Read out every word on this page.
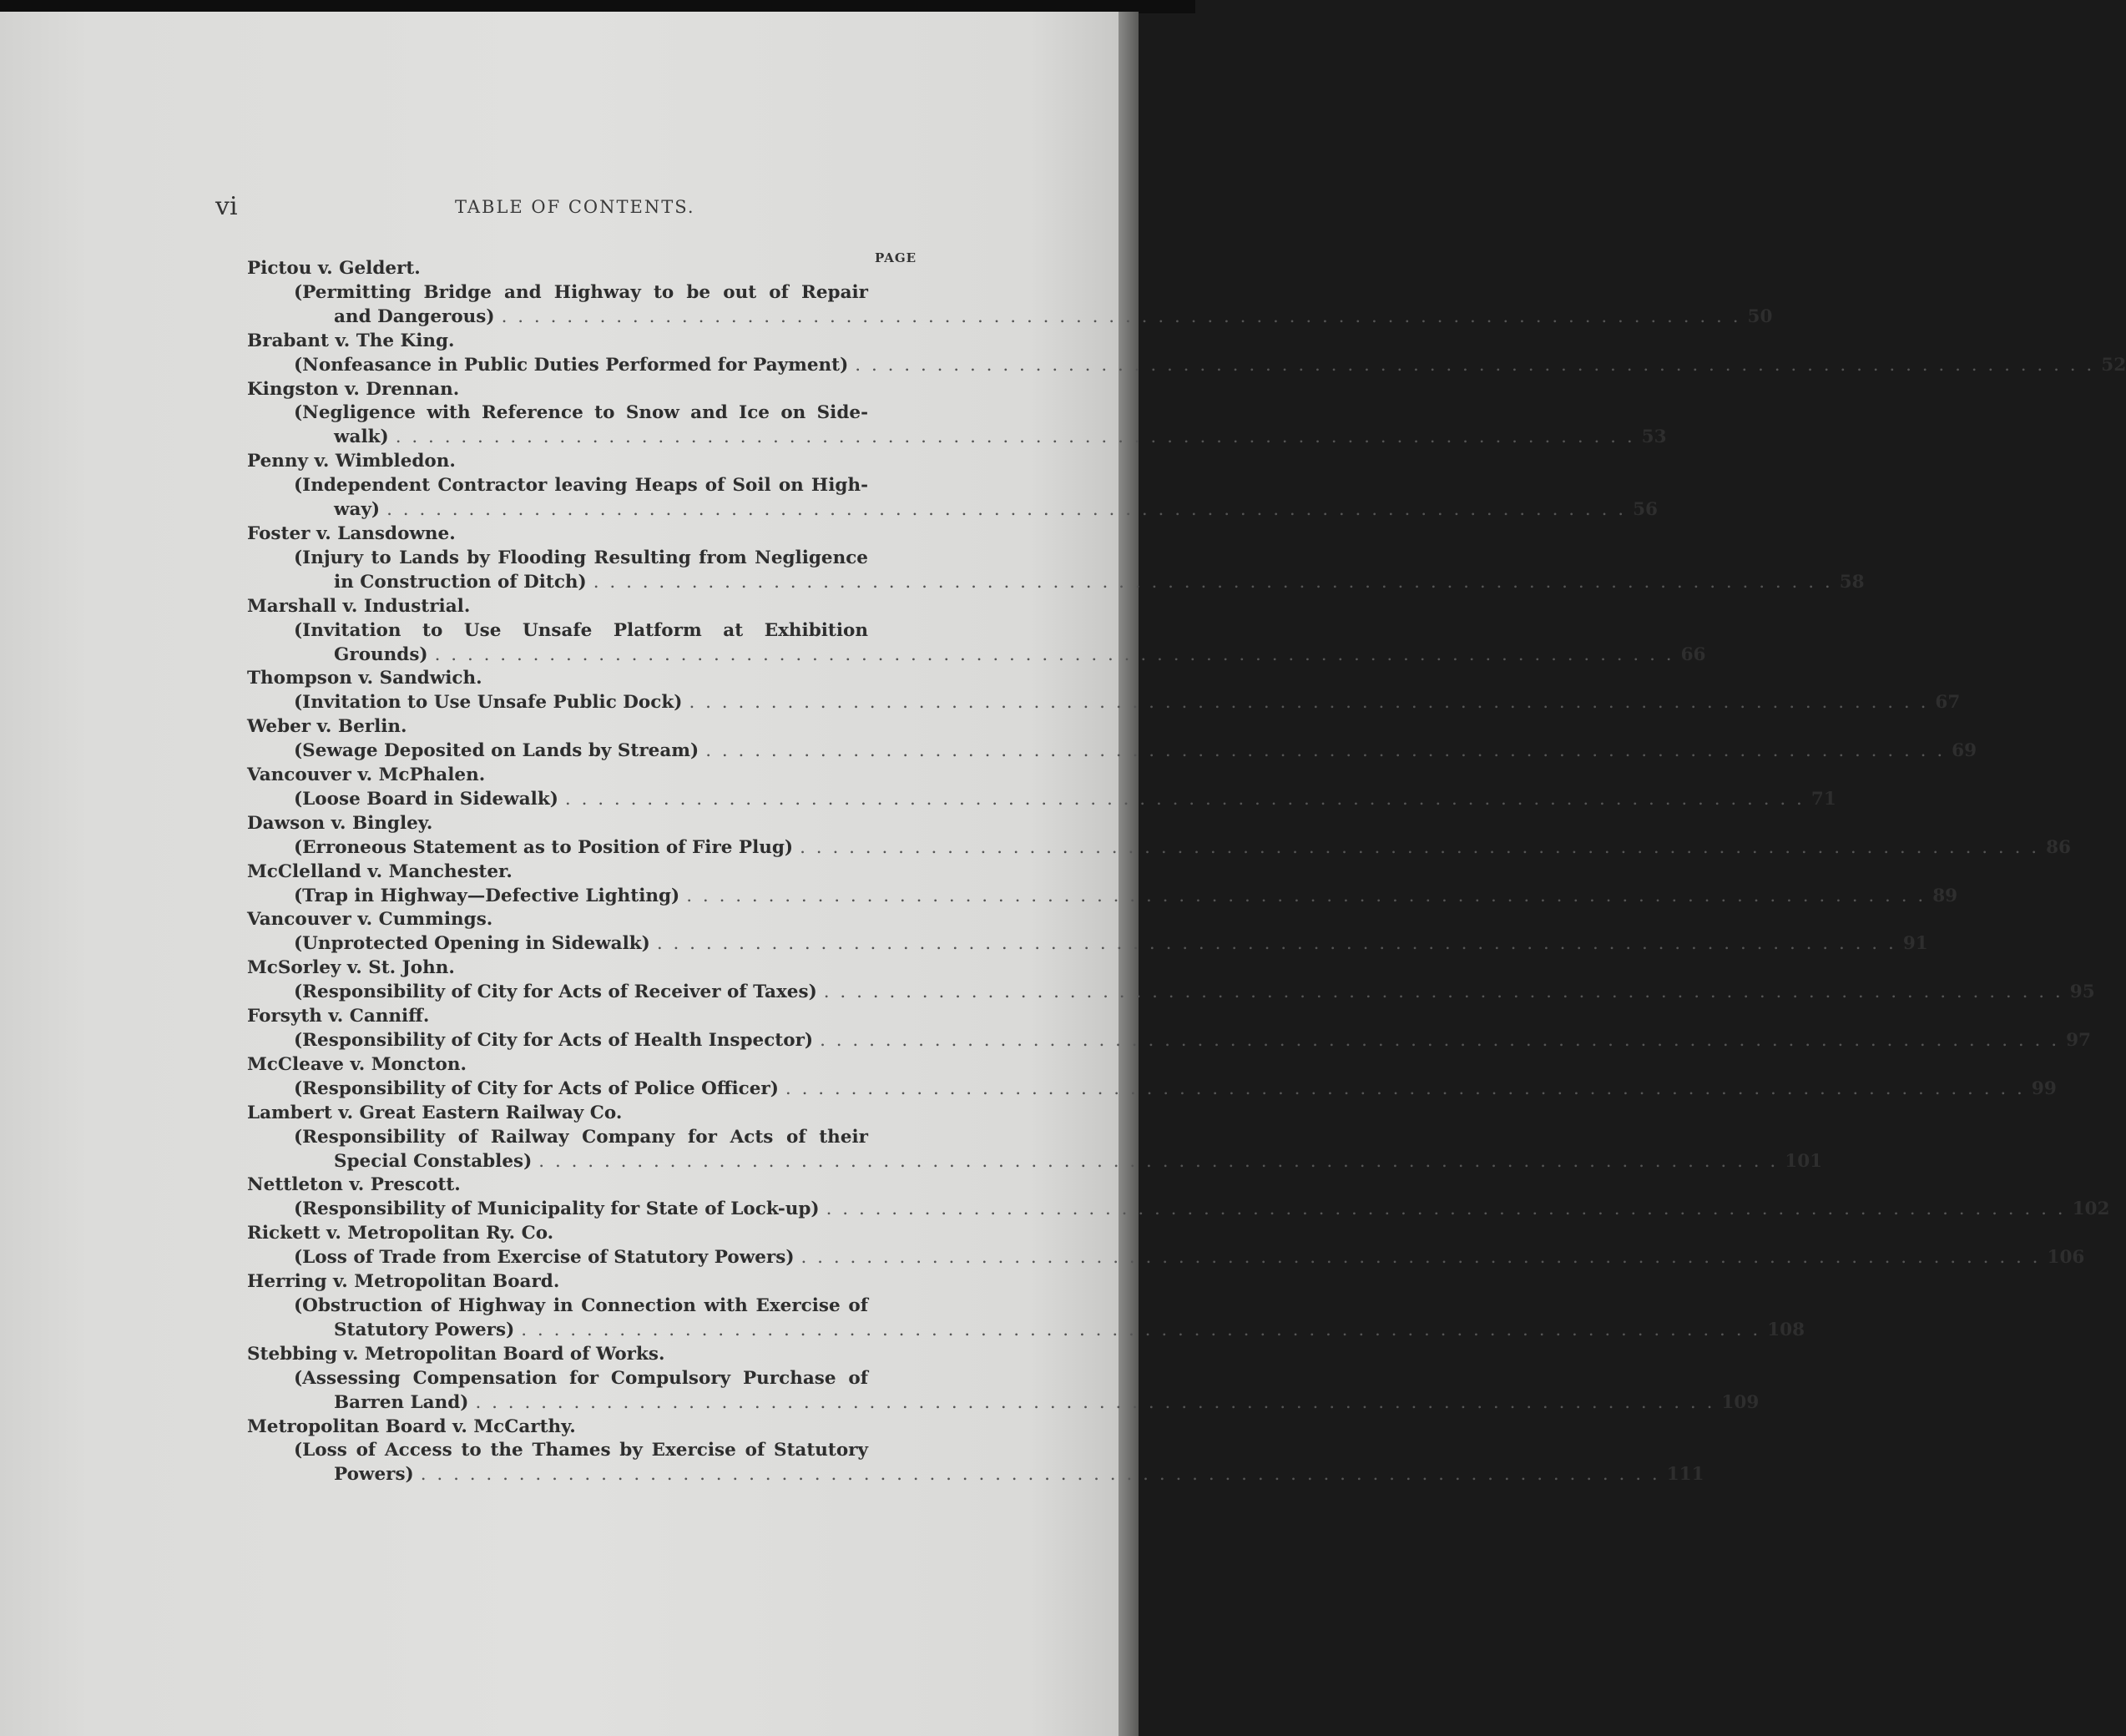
vi	TABLE OF CONTENTS.
PAGE
Pictou v. Geldert.
(Permitting Bridge and Highway to be out of Repair
and Dangerous) . . . . . . . . . . . . . . . . . . . . . . . . . . . . . . . . . . . . . . . . . . . . . . . . . . . . . . . . . . . . . . . . . . . . . . . . . . . . 50
Brabant v. The King.
(Nonfeasance in Public Duties Performed for Payment) . . . . . . . . . . . . . . . . . . . . . . . . . . . . . . . . . . . . . . . . . . . . . . . . . . . . . . . . . . . . . . . . . . . . . . . . . . . . 52
Kingston v. Drennan.
(Negligence with Reference to Snow and Ice on Side-
walk) . . . . . . . . . . . . . . . . . . . . . . . . . . . . . . . . . . . . . . . . . . . . . . . . . . . . . . . . . . . . . . . . . . . . . . . . . . . . 53
Penny v. Wimbledon.
(Independent Contractor leaving Heaps of Soil on High-
way) . . . . . . . . . . . . . . . . . . . . . . . . . . . . . . . . . . . . . . . . . . . . . . . . . . . . . . . . . . . . . . . . . . . . . . . . . . . . 56
Foster v. Lansdowne.
(Injury to Lands by Flooding Resulting from Negligence
in Construction of Ditch) . . . . . . . . . . . . . . . . . . . . . . . . . . . . . . . . . . . . . . . . . . . . . . . . . . . . . . . . . . . . . . . . . . . . . . . . . . . . 58
Marshall v. Industrial.
(Invitation to Use Unsafe Platform at Exhibition
Grounds) . . . . . . . . . . . . . . . . . . . . . . . . . . . . . . . . . . . . . . . . . . . . . . . . . . . . . . . . . . . . . . . . . . . . . . . . . . . . 66
Thompson v. Sandwich.
(Invitation to Use Unsafe Public Dock) . . . . . . . . . . . . . . . . . . . . . . . . . . . . . . . . . . . . . . . . . . . . . . . . . . . . . . . . . . . . . . . . . . . . . . . . . . . . 67
Weber v. Berlin.
(Sewage Deposited on Lands by Stream) . . . . . . . . . . . . . . . . . . . . . . . . . . . . . . . . . . . . . . . . . . . . . . . . . . . . . . . . . . . . . . . . . . . . . . . . . . . . 69
Vancouver v. McPhalen.
(Loose Board in Sidewalk) . . . . . . . . . . . . . . . . . . . . . . . . . . . . . . . . . . . . . . . . . . . . . . . . . . . . . . . . . . . . . . . . . . . . . . . . . . . . 71
Dawson v. Bingley.
(Erroneous Statement as to Position of Fire Plug) . . . . . . . . . . . . . . . . . . . . . . . . . . . . . . . . . . . . . . . . . . . . . . . . . . . . . . . . . . . . . . . . . . . . . . . . . . . . 86
McClelland v. Manchester.
(Trap in Highway—Defective Lighting) . . . . . . . . . . . . . . . . . . . . . . . . . . . . . . . . . . . . . . . . . . . . . . . . . . . . . . . . . . . . . . . . . . . . . . . . . . . . 89
Vancouver v. Cummings.
(Unprotected Opening in Sidewalk) . . . . . . . . . . . . . . . . . . . . . . . . . . . . . . . . . . . . . . . . . . . . . . . . . . . . . . . . . . . . . . . . . . . . . . . . . . . . 91
McSorley v. St. John.
(Responsibility of City for Acts of Receiver of Taxes) . . . . . . . . . . . . . . . . . . . . . . . . . . . . . . . . . . . . . . . . . . . . . . . . . . . . . . . . . . . . . . . . . . . . . . . . . . . . 95
Forsyth v. Canniff.
(Responsibility of City for Acts of Health Inspector) . . . . . . . . . . . . . . . . . . . . . . . . . . . . . . . . . . . . . . . . . . . . . . . . . . . . . . . . . . . . . . . . . . . . . . . . . . . . 97
McCleave v. Moncton.
(Responsibility of City for Acts of Police Officer) . . . . . . . . . . . . . . . . . . . . . . . . . . . . . . . . . . . . . . . . . . . . . . . . . . . . . . . . . . . . . . . . . . . . . . . . . . . . 99
Lambert v. Great Eastern Railway Co.
(Responsibility of Railway Company for Acts of their
Special Constables) . . . . . . . . . . . . . . . . . . . . . . . . . . . . . . . . . . . . . . . . . . . . . . . . . . . . . . . . . . . . . . . . . . . . . . . . . . . . 101
Nettleton v. Prescott.
(Responsibility of Municipality for State of Lock-up) . . . . . . . . . . . . . . . . . . . . . . . . . . . . . . . . . . . . . . . . . . . . . . . . . . . . . . . . . . . . . . . . . . . . . . . . . . . . 102
Rickett v. Metropolitan Ry. Co.
(Loss of Trade from Exercise of Statutory Powers) . . . . . . . . . . . . . . . . . . . . . . . . . . . . . . . . . . . . . . . . . . . . . . . . . . . . . . . . . . . . . . . . . . . . . . . . . . . . 106
Herring v. Metropolitan Board.
(Obstruction of Highway in Connection with Exercise of
Statutory Powers) . . . . . . . . . . . . . . . . . . . . . . . . . . . . . . . . . . . . . . . . . . . . . . . . . . . . . . . . . . . . . . . . . . . . . . . . . . . . 108
Stebbing v. Metropolitan Board of Works.
(Assessing Compensation for Compulsory Purchase of
Barren Land) . . . . . . . . . . . . . . . . . . . . . . . . . . . . . . . . . . . . . . . . . . . . . . . . . . . . . . . . . . . . . . . . . . . . . . . . . . . . 109
Metropolitan Board v. McCarthy.
(Loss of Access to the Thames by Exercise of Statutory
Powers) . . . . . . . . . . . . . . . . . . . . . . . . . . . . . . . . . . . . . . . . . . . . . . . . . . . . . . . . . . . . . . . . . . . . . . . . . . . . 111
